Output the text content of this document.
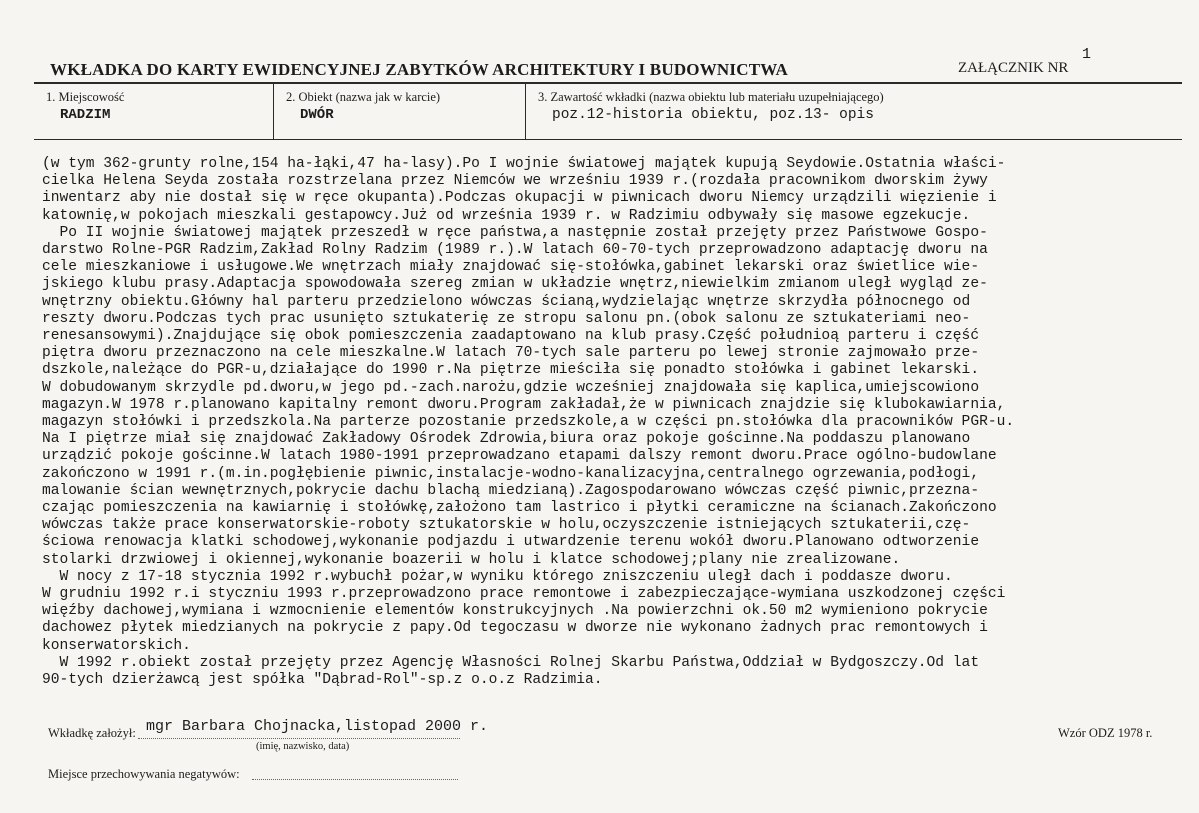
WKŁADKA DO KARTY EWIDENCYJNEJ ZABYTKÓW ARCHITEKTURY I BUDOWNICTWA	ZAŁĄCZNIK NR
1
1. Miejscowość
RADZIM
2. Obiekt (nazwa jak w karcie)
DWÓR
3. Zawartość wkładki (nazwa obiektu lub materiału uzupełniającego)
poz.12-historia obiektu, poz.13- opis
(w tym 362-grunty rolne,154 ha-łąki,47 ha-lasy).Po I wojnie światowej majątek kupują Seydowie.Ostatnia właści-
cielka Helena Seyda została rozstrzelana przez Niemców we wrześniu 1939 r.(rozdała pracownikom dworskim żywy
inwentarz aby nie dostał się w ręce okupanta).Podczas okupacji w piwnicach dworu Niemcy urządzili więzienie i
katownię,w pokojach mieszkali gestapowcy.Już od września 1939 r. w Radzimiu odbywały się masowe egzekucje.
Po II wojnie światowej majątek przeszedł w ręce państwa,a następnie został przejęty przez Państwowe Gospo-
darstwo Rolne-PGR Radzim,Zakład Rolny Radzim (1989 r.).W latach 60-70-tych przeprowadzono adaptację dworu na
cele mieszkaniowe i usługowe.We wnętrzach miały znajdować się-stołówka,gabinet lekarski oraz świetlice wie-
jskiego klubu prasy.Adaptacja spowodowała szereg zmian w układzie wnętrz,niewielkim zmianom uległ wygląd ze-
wnętrzny obiektu.Główny hal parteru przedzielono wówczas ścianą,wydzielając wnętrze skrzydła północnego od
reszty dworu.Podczas tych prac usunięto sztukaterię ze stropu salonu pn.(obok salonu ze sztukateriami neo-
renesansowymi).Znajdujące się obok pomieszczenia zaadaptowano na klub prasy.Część południoą parteru i część
piętra dworu przeznaczono na cele mieszkalne.W latach 70-tych sale parteru po lewej stronie zajmowało prze-
dszkole,należące do PGR-u,działające do 1990 r.Na piętrze mieściła się ponadto stołówka i gabinet lekarski.
W dobudowanym skrzydle pd.dworu,w jego pd.-zach.narożu,gdzie wcześniej znajdowała się kaplica,umiejscowiono
magazyn.W 1978 r.planowano kapitalny remont dworu.Program zakładał,że w piwnicach znajdzie się klubokawiarnia,
magazyn stołówki i przedszkola.Na parterze pozostanie przedszkole,a w części pn.stołówka dla pracowników PGR-u.
Na I piętrze miał się znajdować Zakładowy Ośrodek Zdrowia,biura oraz pokoje gościnne.Na poddaszu planowano
urządzić pokoje gościnne.W latach 1980-1991 przeprowadzano etapami dalszy remont dworu.Prace ogólno-budowlane
zakończono w 1991 r.(m.in.pogłębienie piwnic,instalacje-wodno-kanalizacyjna,centralnego ogrzewania,podłogi,
malowanie ścian wewnętrznych,pokrycie dachu blachą miedzianą).Zagospodarowano wówczas część piwnic,przezna-
czając pomieszczenia na kawiarnię i stołówkę,założono tam lastrico i płytki ceramiczne na ścianach.Zakończono
wówczas także prace konserwatorskie-roboty sztukatorskie w holu,oczyszczenie istniejących sztukaterii,czę-
ściowa renowacja klatki schodowej,wykonanie podjazdu i utwardzenie terenu wokół dworu.Planowano odtworzenie
stolarki drzwiowej i okiennej,wykonanie boazerii w holu i klatce schodowej;plany nie zrealizowane.
W nocy z 17-18 stycznia 1992 r.wybuchł pożar,w wyniku którego zniszczeniu uległ dach i poddasze dworu.
W grudniu 1992 r.i styczniu 1993 r.przeprowadzono prace remontowe i zabezpieczające-wymiana uszkodzonej części
więźby dachowej,wymiana i wzmocnienie elementów konstrukcyjnych .Na powierzchni ok.50 m2 wymieniono pokrycie
dachowez płytek miedzianych na pokrycie z papy.Od tegoczasu w dworze nie wykonano żadnych prac remontowych i
konserwatorskich.
W 1992 r.obiekt został przejęty przez Agencję Własności Rolnej Skarbu Państwa,Oddział w Bydgoszczy.Od lat
90-tych dzierżawcą jest spółka "Dąbrad-Rol"-sp.z o.o.z Radzimia.
Wkładkę założył: mgr Barbara Chojnacka,listopad 2000 r.
(imię, nazwisko, data)
Wzór ODZ 1978 r.
Miejsce przechowywania negatywów:
